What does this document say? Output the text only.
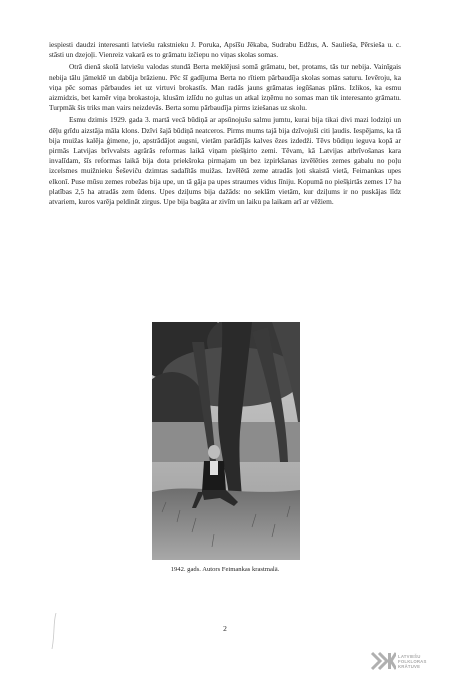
iespiesti daudzi interesanti latviešu rakstnieku J. Poruka, Apsīšu Jēkaba, Sudrabu Edžus, A. Saulieša, Pērsieša u. c. stāsti un dzejoļi. Vienreiz vakarā es to grāmatu izčiepu no viņas skolas somas.

Otrā dienā skolā latviešu valodas stundā Berta meklējusi somā grāmatu, bet, protams, tās tur nebija. Vainīgais nebija tālu jāmeklē un dabūja brāzienu. Pēc šī gadījuma Berta no rītiem pārbaudīja skolas somas saturu. Ievēroju, ka viņa pēc somas pārbaudes iet uz virtuvi brokastīs. Man radās jauns grāmatas iegūšanas plāns. Izlikos, ka esmu aizmidzis, bet kamēr viņa brokastoja, klusām izlīdu no gultas un atkal izņēmu no somas man tik interesanto grāmatu. Turpmāk šis triks man vairs neizdevās. Berta somu pārbaudīja pirms iziešanas uz skolu.

Esmu dzimis 1929. gada 3. martā vecā būdiņā ar apsūnojušu salmu jumtu, kurai bija tikai divi mazi lodziņi un dēļu grīdu aizstāja māla klons. Dzīvi šajā būdiņā neatceros. Pirms mums tajā bija dzīvojuši citi ļaudis. Iespējams, ka tā bija muižas kalēja ģimene, jo, apstrādājot augsni, vietām parādījās kalves ēzes izdedži. Tēvs būdiņu ieguva kopā ar pirmās Latvijas brīvvalsts agrārās reformas laikā viņam piešķirto zemi. Tēvam, kā Latvijas atbrīvošanas kara invalīdam, šīs reformas laikā bija dota priekšroka pirmajam un bez izpirkšanas izvēlēties zemes gabalu no poļu izcelsmes muižnieku Šeševiču dzimtas sadalītās muižas. Izvēlētā zeme atradās ļoti skaistā vietā, Feimankas upes elkonī. Puse mūsu zemes robežas bija upe, un tā gāja pa upes straumes vidus līniju. Kopumā no piešķirtās zemes 17 ha platības 2,5 ha atradās zem ūdens. Upes dziļums bija dažāds: no seklām vietām, kur dziļums ir no puskājas līdz atvariem, kuros varēja peldināt zirgus. Upe bija bagāta ar zivīm un laiku pa laikam arī ar vēžiem.

1942. gads. Autors Feimankas krastmalā.
2
LATVIEŠU
FOLKLORAS
KRĀTUVE
